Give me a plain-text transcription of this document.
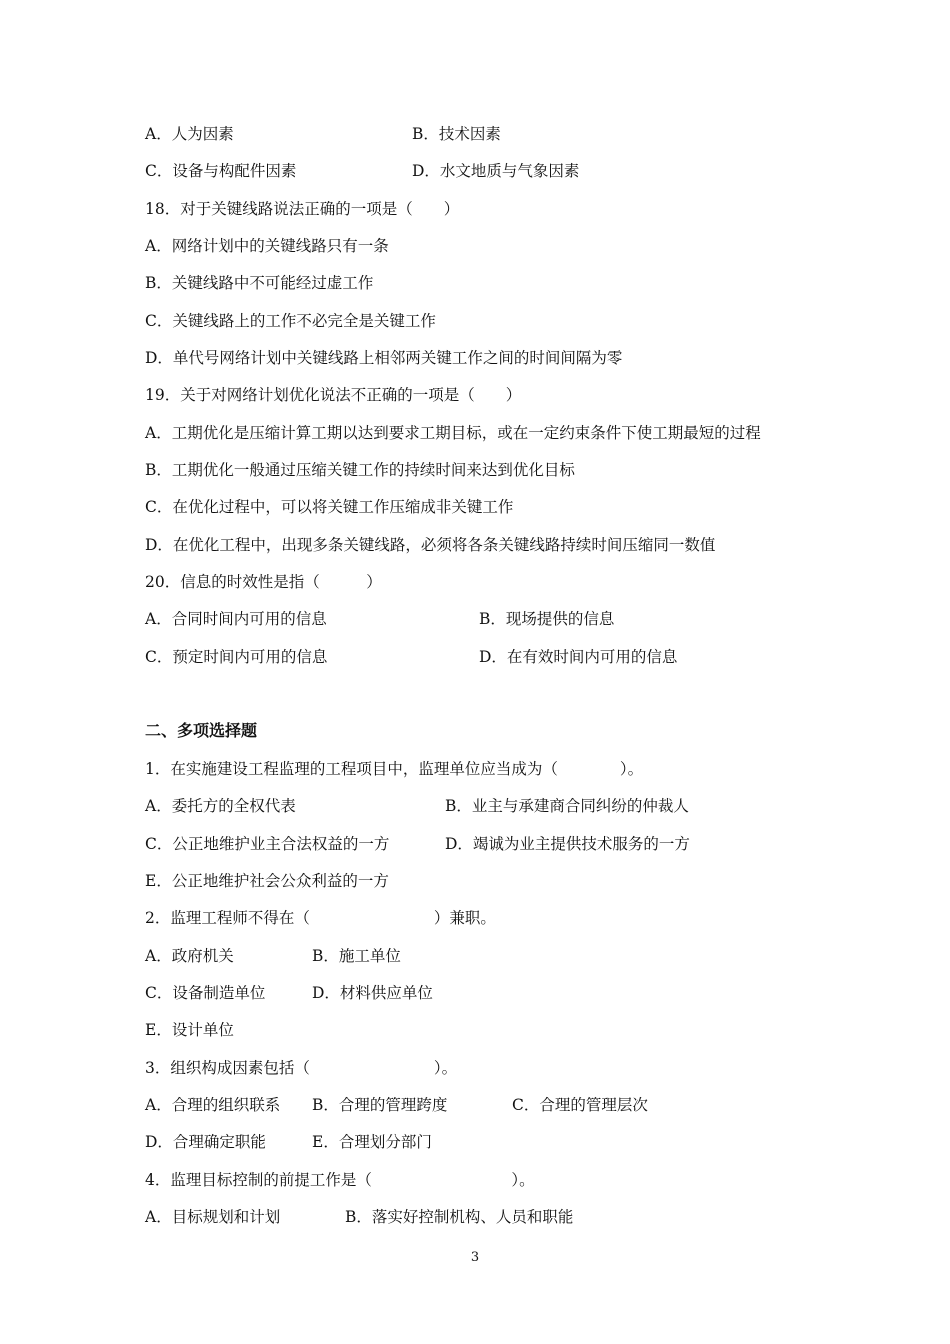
A．人为因素	B．技术因素
C．设备与构配件因素	D．水文地质与气象因素
18．对于关键线路说法正确的一项是（　　）
A．网络计划中的关键线路只有一条
B．关键线路中不可能经过虚工作
C．关键线路上的工作不必完全是关键工作
D．单代号网络计划中关键线路上相邻两关键工作之间的时间间隔为零
19．关于对网络计划优化说法不正确的一项是（　　）
A．工期优化是压缩计算工期以达到要求工期目标，或在一定约束条件下使工期最短的过程
B．工期优化一般通过压缩关键工作的持续时间来达到优化目标
C．在优化过程中，可以将关键工作压缩成非关键工作
D．在优化工程中，出现多条关键线路，必须将各条关键线路持续时间压缩同一数值
20．信息的时效性是指（　　　）
A．合同时间内可用的信息	B．现场提供的信息
C．预定时间内可用的信息	D．在有效时间内可用的信息
二、多项选择题
1．在实施建设工程监理的工程项目中，监理单位应当成为（　　　　）。
A．委托方的全权代表	B．业主与承建商合同纠纷的仲裁人
C．公正地维护业主合法权益的一方	D．竭诚为业主提供技术服务的一方
E．公正地维护社会公众利益的一方
2．监理工程师不得在（　　　　　　　　）兼职。
A．政府机关	B．施工单位
C．设备制造单位	D．材料供应单位
E．设计单位
3．组织构成因素包括（　　　　　　　　）。
A．合理的组织联系 B．合理的管理跨度	C．合理的管理层次
D．合理确定职能	E．合理划分部门
4．监理目标控制的前提工作是（　　　　　　　　　）。
A．目标规划和计划	B．落实好控制机构、人员和职能
3
